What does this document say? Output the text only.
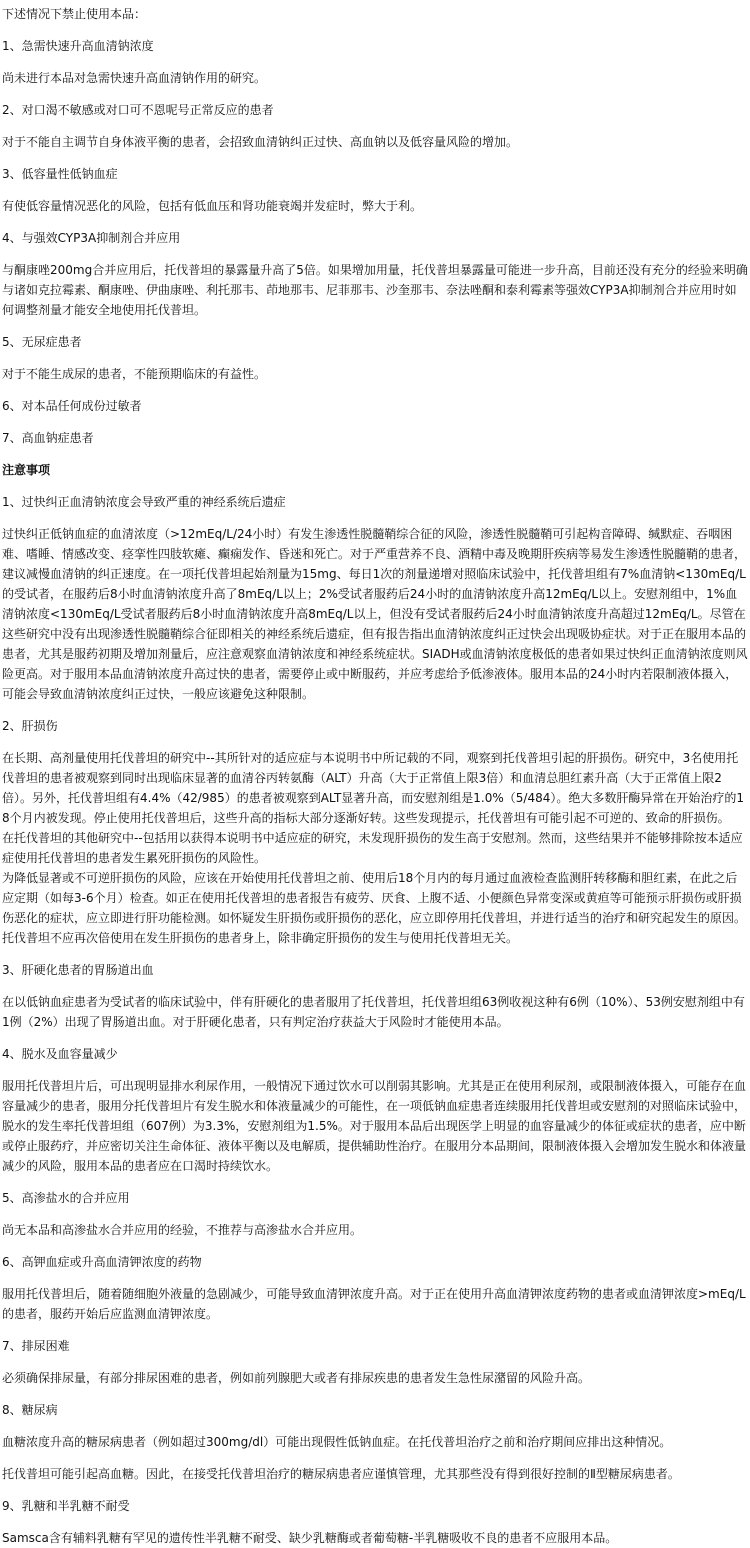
下述情况下禁止使用本品：

1、急需快速升高血清钠浓度

尚未进行本品对急需快速升高血清钠作用的研究。

2、对口渴不敏感或对口可不恩呢号正常反应的患者

对于不能自主调节自身体液平衡的患者，会招致血清钠纠正过快、高血钠以及低容量风险的增加。

3、低容量性低钠血症

有使低容量情况恶化的风险，包括有低血压和肾功能衰竭并发症时，弊大于利。

4、与强效CYP3A抑制剂合并应用

与酮康唑200mg合并应用后，托伐普坦的暴露量升高了5倍。如果增加用量，托伐普坦暴露量可能进一步升高，目前还没有充分的经验来明确与诸如克拉霉素、酮康唑、伊曲康唑、利托那韦、茚地那韦、尼菲那韦、沙奎那韦、奈法唑酮和泰利霉素等强效CYP3A抑制剂合并应用时如何调整剂量才能安全地使用托伐普坦。

5、无尿症患者

对于不能生成尿的患者，不能预期临床的有益性。

6、对本品任何成份过敏者

7、高血钠症患者

注意事项

1、过快纠正血清钠浓度会导致严重的神经系统后遗症

过快纠正低钠血症的血清浓度（>12mEq/L/24小时）有发生渗透性脱髓鞘综合征的风险，渗透性脱髓鞘可引起构音障碍、缄默症、吞咽困难、嗜睡、情感改变、痉挛性四肢软瘫、癫痫发作、昏迷和死亡。对于严重营养不良、酒精中毒及晚期肝疾病等易发生渗透性脱髓鞘的患者，建议减慢血清钠的纠正速度。在一项托伐普坦起始剂量为15mg、每日1次的剂量递增对照临床试验中，托伐普坦组有7%血清钠<130mEq/L的受试者，在服药后8小时血清钠浓度升高了8mEq/L以上；2%受试者服药后24小时的血清钠浓度升高12mEq/L以上。安慰剂组中，1%血清钠浓度<130mEq/L受试者服药后8小时血清钠浓度升高8mEq/L以上，但没有受试者服药后24小时血清钠浓度升高超过12mEq/L。尽管在这些研究中没有出现渗透性脱髓鞘综合征即相关的神经系统后遗症，但有报告指出血清钠浓度纠正过快会出现吸协症状。对于正在服用本品的患者，尤其是服药初期及增加剂量后，应注意观察血清钠浓度和神经系统症状。SIADH或血清钠浓度极低的患者如果过快纠正血清钠浓度则风险更高。对于服用本品血清钠浓度升高过快的患者，需要停止或中断服药，并应考虑给予低渗液体。服用本品的24小时内若限制液体摄入，可能会导致血清钠浓度纠正过快，一般应该避免这种限制。

2、肝损伤

在长期、高剂量使用托伐普坦的研究中--其所针对的适应症与本说明书中所记载的不同，观察到托伐普坦引起的肝损伤。研究中，3名使用托伐普坦的患者被观察到同时出现临床显著的血清谷丙转氨酶（ALT）升高（大于正常值上限3倍）和血清总胆红素升高（大于正常值上限2倍）。另外，托伐普坦组有4.4%（42/985）的患者被观察到ALT显著升高，而安慰剂组是1.0%（5/484）。绝大多数肝酶异常在开始治疗的18个月内被发现。停止使用托伐普坦后，这些升高的指标大部分逐渐好转。这些发现提示，托伐普坦有可能引起不可逆的、致命的肝损伤。

在托伐普坦的其他研究中--包括用以获得本说明书中适应症的研究，未发现肝损伤的发生高于安慰剂。然而，这些结果并不能够排除按本适应症使用托伐普坦的患者发生累死肝损伤的风险性。

为降低显著或不可逆肝损伤的风险，应该在开始使用托伐普坦之前、使用后18个月内的每月通过血液检查监测肝转移酶和胆红素，在此之后应定期（如每3-6个月）检查。如正在使用托伐普坦的患者报告有疲劳、厌食、上腹不适、小便颜色异常变深或黄疸等可能预示肝损伤或肝损伤恶化的症状，应立即进行肝功能检测。如怀疑发生肝损伤或肝损伤的恶化，应立即停用托伐普坦，并进行适当的治疗和研究起发生的原因。托伐普坦不应再次倍使用在发生肝损伤的患者身上，除非确定肝损伤的发生与使用托伐普坦无关。

3、肝硬化患者的胃肠道出血

在以低钠血症患者为受试者的临床试验中，伴有肝硬化的患者服用了托伐普坦，托伐普坦组63例收视这种有6例（10%）、53例安慰剂组中有1例（2%）出现了胃肠道出血。对于肝硬化患者，只有判定治疗获益大于风险时才能使用本品。

4、脱水及血容量减少

服用托伐普坦片后，可出现明显排水利尿作用，一般情况下通过饮水可以削弱其影响。尤其是正在使用利尿剂，或限制液体摄入，可能存在血容量减少的患者，服用分托伐普坦片有发生脱水和体液量减少的可能性，在一项低钠血症患者连续服用托伐普坦或安慰剂的对照临床试验中，脱水的发生率托伐普坦组（607例）为3.3%，安慰剂组为1.5%。对于服用本品后出现医学上明显的血容量减少的体征或症状的患者，应中断或停止服药疗，并应密切关注生命体征、液体平衡以及电解质，提供辅助性治疗。在服用分本品期间，限制液体摄入会增加发生脱水和体液量减少的风险，服用本品的患者应在口渴时持续饮水。

5、高渗盐水的合并应用

尚无本品和高渗盐水合并应用的经验，不推荐与高渗盐水合并应用。

6、高钾血症或升高血清钾浓度的药物

服用托伐普坦后，随着随细胞外液量的急剧减少，可能导致血清钾浓度升高。对于正在使用升高血清钾浓度药物的患者或血清钾浓度>mEq/L的患者，服药开始后应监测血清钾浓度。

7、排尿困难

必须确保排尿量，有部分排尿困难的患者，例如前列腺肥大或者有排尿疾患的患者发生急性尿潴留的风险升高。

8、糖尿病

血糖浓度升高的糖尿病患者（例如超过300mg/dl）可能出现假性低钠血症。在托伐普坦治疗之前和治疗期间应排出这种情况。

托伐普坦可能引起高血糖。因此，在接受托伐普坦治疗的糖尿病患者应谨慎管理，尤其那些没有得到很好控制的Ⅱ型糖尿病患者。

9、乳糖和半乳糖不耐受

Samsca含有辅料乳糖有罕见的遗传性半乳糖不耐受、缺少乳糖酶或者葡萄糖-半乳糖吸收不良的患者不应服用本品。
